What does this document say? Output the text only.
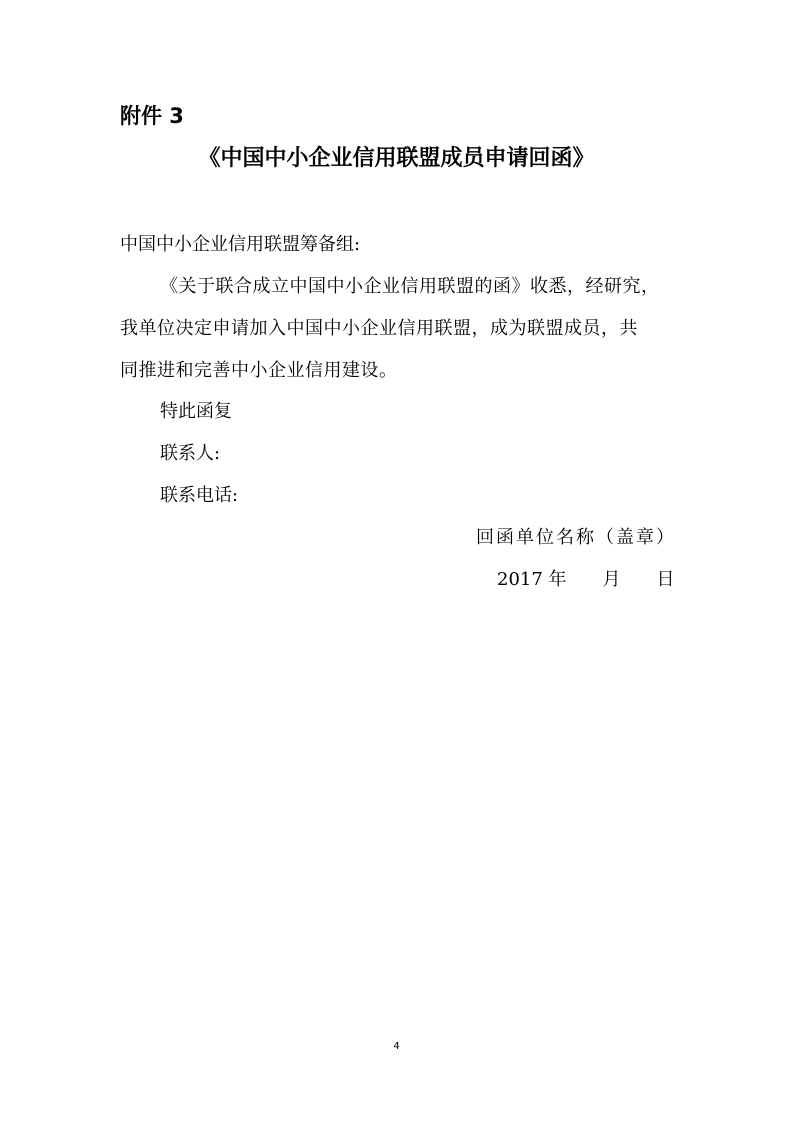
附件 3
《中国中小企业信用联盟成员申请回函》
中国中小企业信用联盟筹备组:
《关于联合成立中国中小企业信用联盟的函》收悉，经研究，
我单位决定申请加入中国中小企业信用联盟，成为联盟成员，共
同推进和完善中小企业信用建设。
特此函复
联系人:
联系电话:
回函单位名称（盖章）
2017 年 月 日
4
